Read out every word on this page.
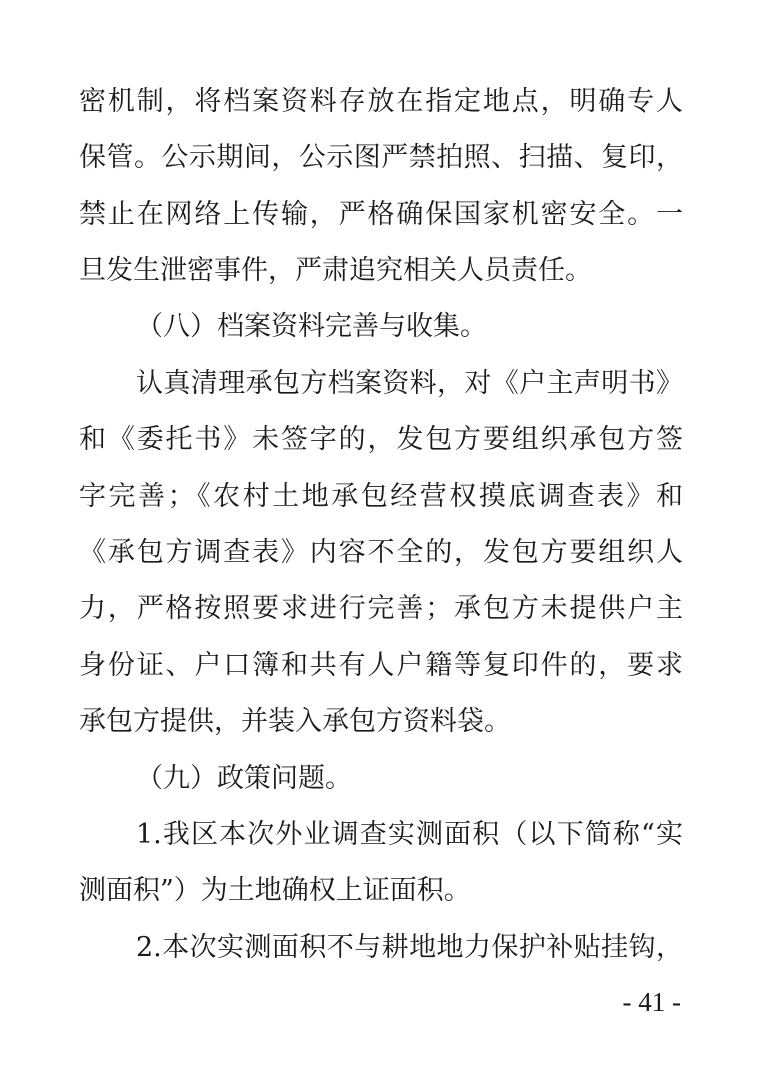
密机制，将档案资料存放在指定地点，明确专人
保管。公示期间，公示图严禁拍照、扫描、复印，
禁止在网络上传输，严格确保国家机密安全。一
旦发生泄密事件，严肃追究相关人员责任。
（八）档案资料完善与收集。
认真清理承包方档案资料，对《户主声明书》
和《委托书》未签字的，发包方要组织承包方签
字完善；《农村土地承包经营权摸底调查表》和
《承包方调查表》内容不全的，发包方要组织人
力，严格按照要求进行完善；承包方未提供户主
身份证、户口簿和共有人户籍等复印件的，要求
承包方提供，并装入承包方资料袋。
（九）政策问题。
1.我区本次外业调查实测面积（以下简称“实
测面积”）为土地确权上证面积。
2.本次实测面积不与耕地地力保护补贴挂钩，
- 41 -
